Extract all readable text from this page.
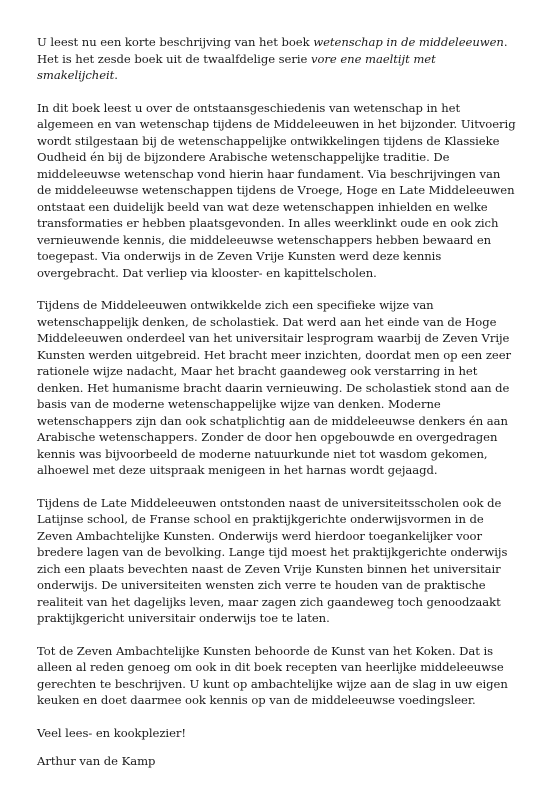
U leest nu een korte beschrijving van het boek wetenschap in de middeleeuwen. Het is het zesde boek uit de twaalfdelige serie vore ene maeltijt met smakelijcheit.

In dit boek leest u over de ontstaansgeschiedenis van wetenschap in het algemeen en van wetenschap tijdens de Middeleeuwen in het bijzonder. Uitvoerig wordt stilgestaan bij de wetenschappelijke ontwikkelingen tijdens de Klassieke Oudheid én bij de bijzondere Arabische wetenschappelijke traditie. De middeleeuwse wetenschap vond hierin haar fundament. Via beschrijvingen van de middeleeuwse wetenschappen tijdens de Vroege, Hoge en Late Middeleeuwen ontstaat een duidelijk beeld van wat deze wetenschappen inhielden en welke transformaties er hebben plaatsgevonden. In alles weerklinkt oude en ook zich vernieuwende kennis, die middeleeuwse wetenschappers hebben bewaard en toegepast. Via onderwijs in de Zeven Vrije Kunsten werd deze kennis overgebracht. Dat verliep via klooster- en kapittelscholen.

Tijdens de Middeleeuwen ontwikkelde zich een specifieke wijze van wetenschappelijk denken, de scholastiek. Dat werd aan het einde van de Hoge Middeleeuwen onderdeel van het universitair lesprogram waarbij de Zeven Vrije Kunsten werden uitgebreid. Het bracht meer inzichten, doordat men op een zeer rationele wijze nadacht, Maar het bracht gaandeweg ook verstarring in het denken. Het humanisme bracht daarin vernieuwing. De scholastiek stond aan de basis van de moderne wetenschappelijke wijze van denken. Moderne wetenschappers zijn dan ook schatplichtig aan de middeleeuwse denkers én aan Arabische wetenschappers. Zonder de door hen opgebouwde en overgedragen kennis was bijvoorbeeld de moderne natuurkunde niet tot wasdom gekomen, alhoewel met deze uitspraak menigeen in het harnas wordt gejaagd.

Tijdens de Late Middeleeuwen ontstonden naast de universiteitsscholen ook de Latijnse school, de Franse school en praktijkgerichte onderwijsvormen in de Zeven Ambachtelijke Kunsten. Onderwijs werd hierdoor toegankelijker voor bredere lagen van de bevolking. Lange tijd moest het praktijkgerichte onderwijs zich een plaats bevechten naast de Zeven Vrije Kunsten binnen het universitair onderwijs. De universiteiten wensten zich verre te houden van de praktische realiteit van het dagelijks leven, maar zagen zich gaandeweg toch genoodzaakt praktijkgericht universitair onderwijs toe te laten.

Tot de Zeven Ambachtelijke Kunsten behoorde de Kunst van het Koken. Dat is alleen al reden genoeg om ook in dit boek recepten van heerlijke middeleeuwse gerechten te beschrijven. U kunt op ambachtelijke wijze aan de slag in uw eigen keuken en doet daarmee ook kennis op van de middeleeuwse voedingsleer.

Veel lees- en kookplezier!

Arthur van de Kamp
